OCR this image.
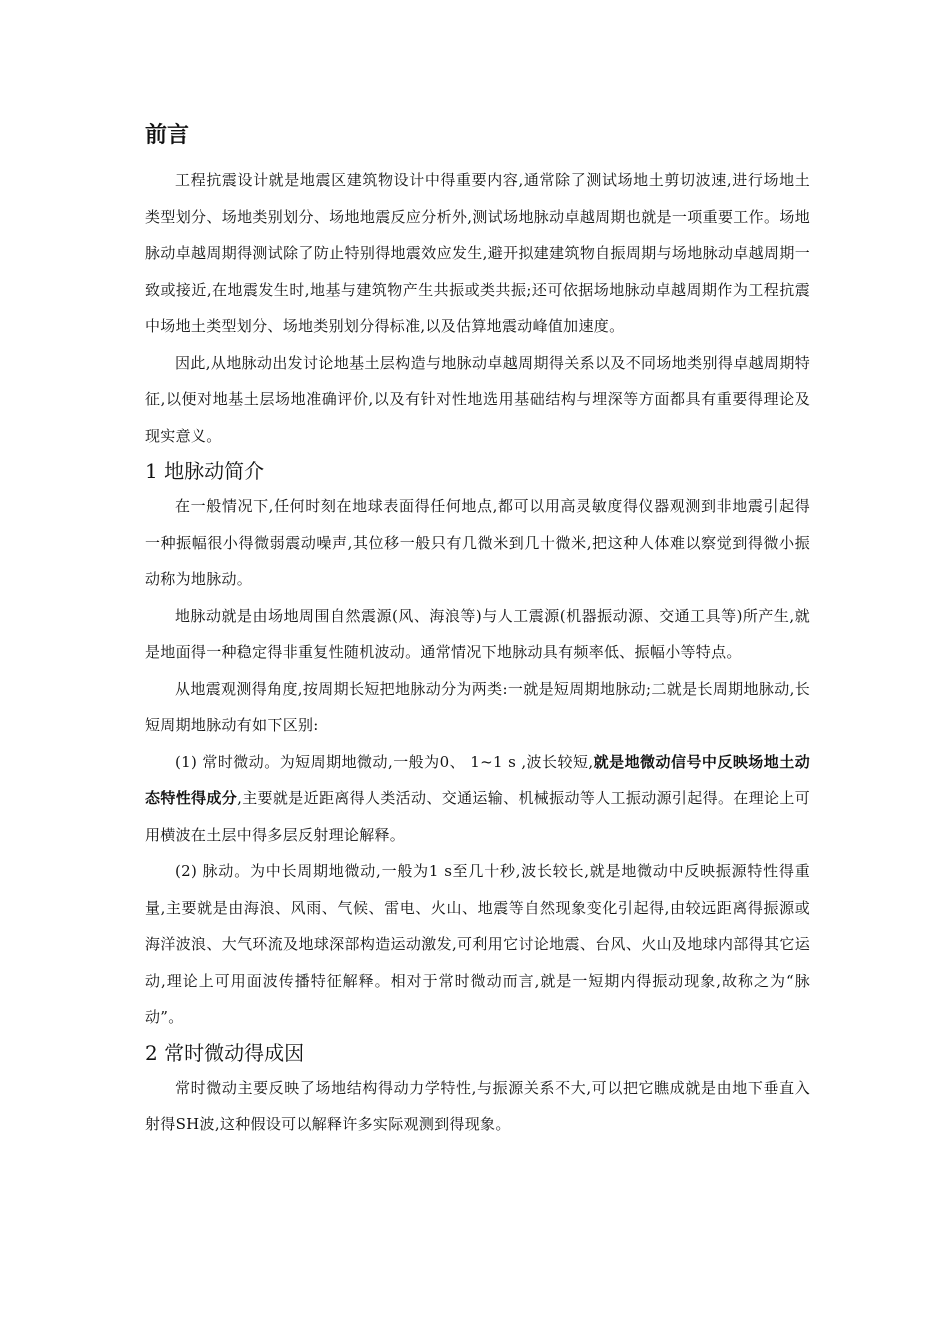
前言

工程抗震设计就是地震区建筑物设计中得重要内容,通常除了测试场地土剪切波速,进行场地土类型划分、场地类别划分、场地地震反应分析外,测试场地脉动卓越周期也就是一项重要工作。场地脉动卓越周期得测试除了防止特别得地震效应发生,避开拟建建筑物自振周期与场地脉动卓越周期一致或接近,在地震发生时,地基与建筑物产生共振或类共振;还可依据场地脉动卓越周期作为工程抗震中场地土类型划分、场地类别划分得标准,以及估算地震动峰值加速度。

因此,从地脉动出发讨论地基土层构造与地脉动卓越周期得关系以及不同场地类别得卓越周期特征,以便对地基土层场地准确评价,以及有针对性地选用基础结构与埋深等方面都具有重要得理论及现实意义。

1 地脉动简介

在一般情况下,任何时刻在地球表面得任何地点,都可以用高灵敏度得仪器观测到非地震引起得一种振幅很小得微弱震动噪声,其位移一般只有几微米到几十微米,把这种人体难以察觉到得微小振动称为地脉动。

地脉动就是由场地周围自然震源(风、海浪等)与人工震源(机器振动源、交通工具等)所产生,就是地面得一种稳定得非重复性随机波动。通常情况下地脉动具有频率低、振幅小等特点。

从地震观测得角度,按周期长短把地脉动分为两类:一就是短周期地脉动;二就是长周期地脉动,长短周期地脉动有如下区别:

(1) 常时微动。为短周期地微动,一般为0、 1~1 s ,波长较短,就是地微动信号中反映场地土动态特性得成分,主要就是近距离得人类活动、交通运输、机械振动等人工振动源引起得。在理论上可用横波在土层中得多层反射理论解释。

(2) 脉动。为中长周期地微动,一般为1 s至几十秒,波长较长,就是地微动中反映振源特性得重量,主要就是由海浪、风雨、气候、雷电、火山、地震等自然现象变化引起得,由较远距离得振源或海洋波浪、大气环流及地球深部构造运动激发,可利用它讨论地震、台风、火山及地球内部得其它运动,理论上可用面波传播特征解释。相对于常时微动而言,就是一短期内得振动现象,故称之为“脉动”。

2 常时微动得成因

常时微动主要反映了场地结构得动力学特性,与振源关系不大,可以把它瞧成就是由地下垂直入射得SH波,这种假设可以解释许多实际观测到得现象。
